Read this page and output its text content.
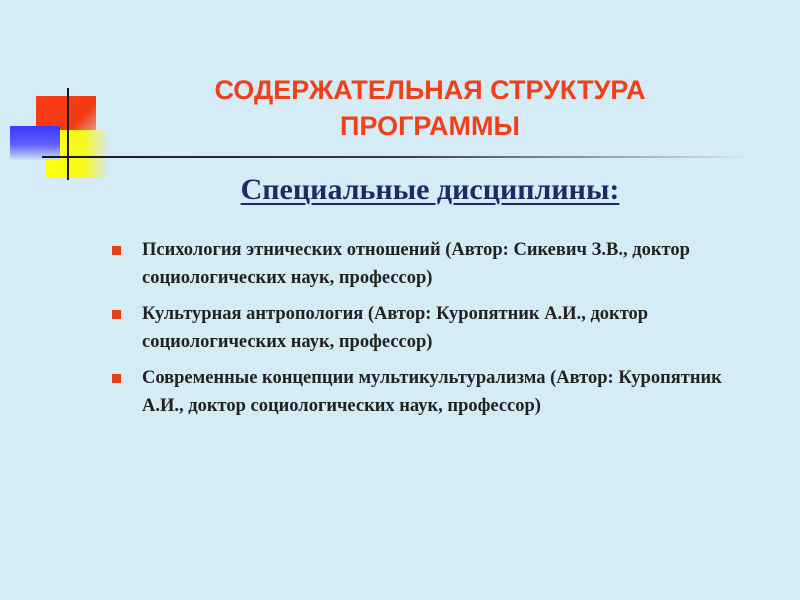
СОДЕРЖАТЕЛЬНАЯ СТРУКТУРА
ПРОГРАММЫ
Специальные дисциплины:
Психология этнических отношений (Автор: Сикевич З.В., доктор социологических наук, профессор)
Культурная антропология (Автор: Куропятник А.И., доктор социологических наук, профессор)
Современные концепции мультикультурализма (Автор: Куропятник А.И., доктор социологических наук, профессор)
